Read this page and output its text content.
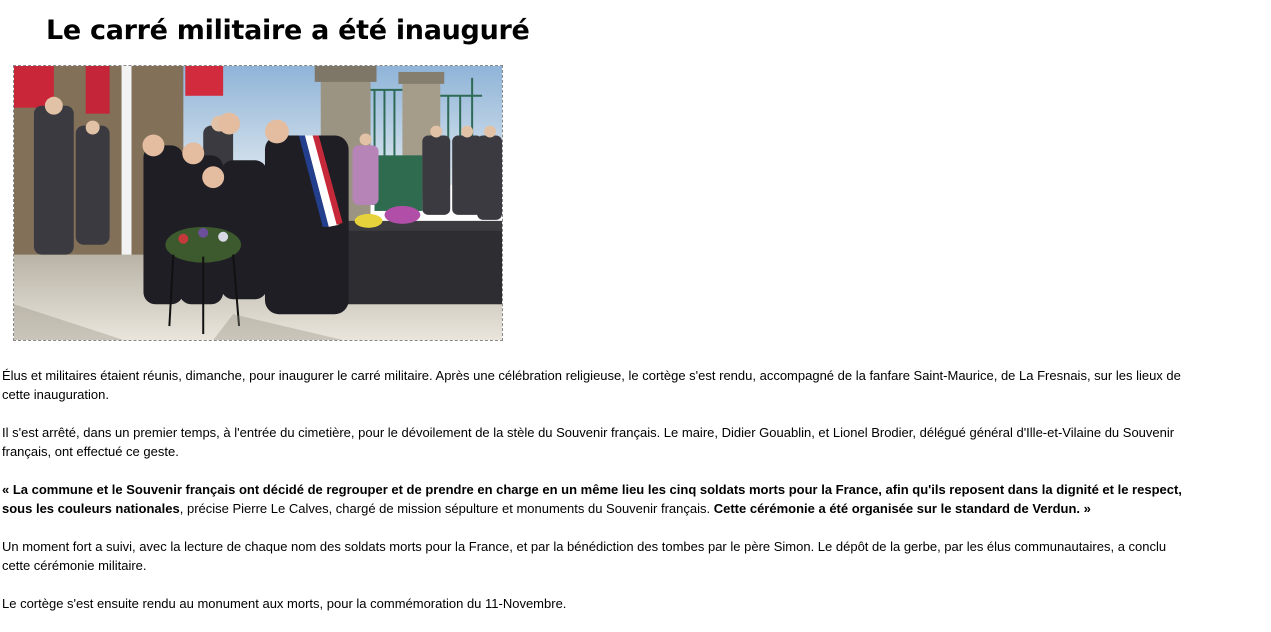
Le carré militaire a été inauguré

Élus et militaires étaient réunis, dimanche, pour inaugurer le carré militaire. Après une célébration religieuse, le cortège s'est rendu, accompagné de la fanfare Saint-Maurice, de La Fresnais, sur les lieux de cette inauguration.

Il s'est arrêté, dans un premier temps, à l'entrée du cimetière, pour le dévoilement de la stèle du Souvenir français. Le maire, Didier Gouablin, et Lionel Brodier, délégué général d'Ille-et-Vilaine du Souvenir français, ont effectué ce geste.

« La commune et le Souvenir français ont décidé de regrouper et de prendre en charge en un même lieu les cinq soldats morts pour la France, afin qu'ils reposent dans la dignité et le respect, sous les couleurs nationales, précise Pierre Le Calves, chargé de mission sépulture et monuments du Souvenir français. Cette cérémonie a été organisée sur le standard de Verdun. »

Un moment fort a suivi, avec la lecture de chaque nom des soldats morts pour la France, et par la bénédiction des tombes par le père Simon. Le dépôt de la gerbe, par les élus communautaires, a conclu cette cérémonie militaire.

Le cortège s'est ensuite rendu au monument aux morts, pour la commémoration du 11-Novembre.
